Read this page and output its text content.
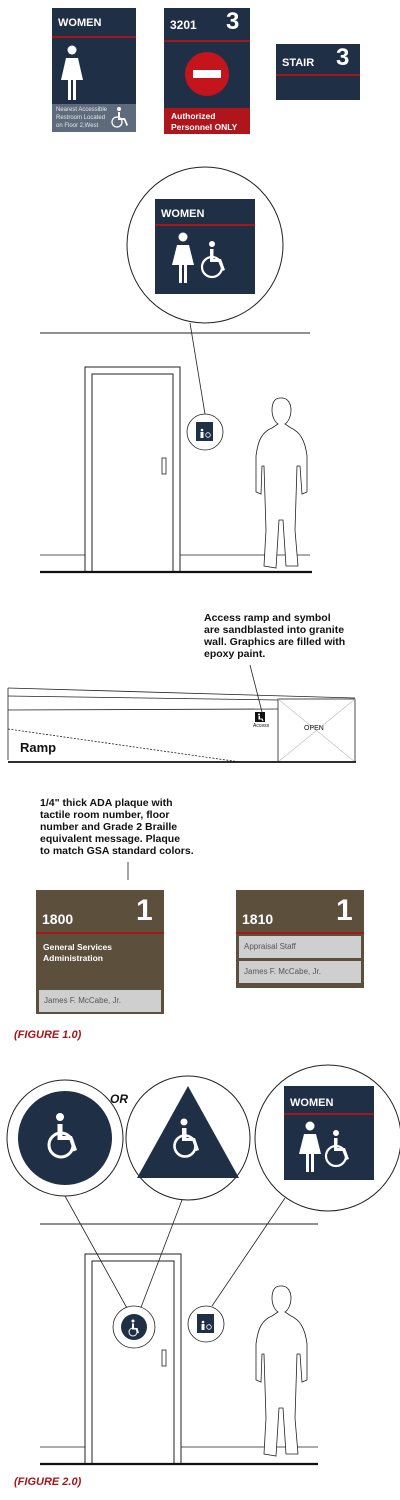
WOMEN
Nearest Accessible
Restroom Located
on Floor 2,West
3201 3
Authorized
Personnel ONLY
STAIR 3
WOMEN
Access ramp and symbol
are sandblasted into granite
wall. Graphics are filled with
epoxy paint.
Access	OPEN
Ramp
1/4" thick ADA plaque with
tactile room number, floor
number and Grade 2 Braille
equivalent message. Plaque
to match GSA standard colors.
1800 1
General Services
Administration
James F. McCabe, Jr.
1810 1
Appraisal Staff
James F. McCabe, Jr.
(FIGURE 1.0)
OR	WOMEN
(FIGURE 2.0)
